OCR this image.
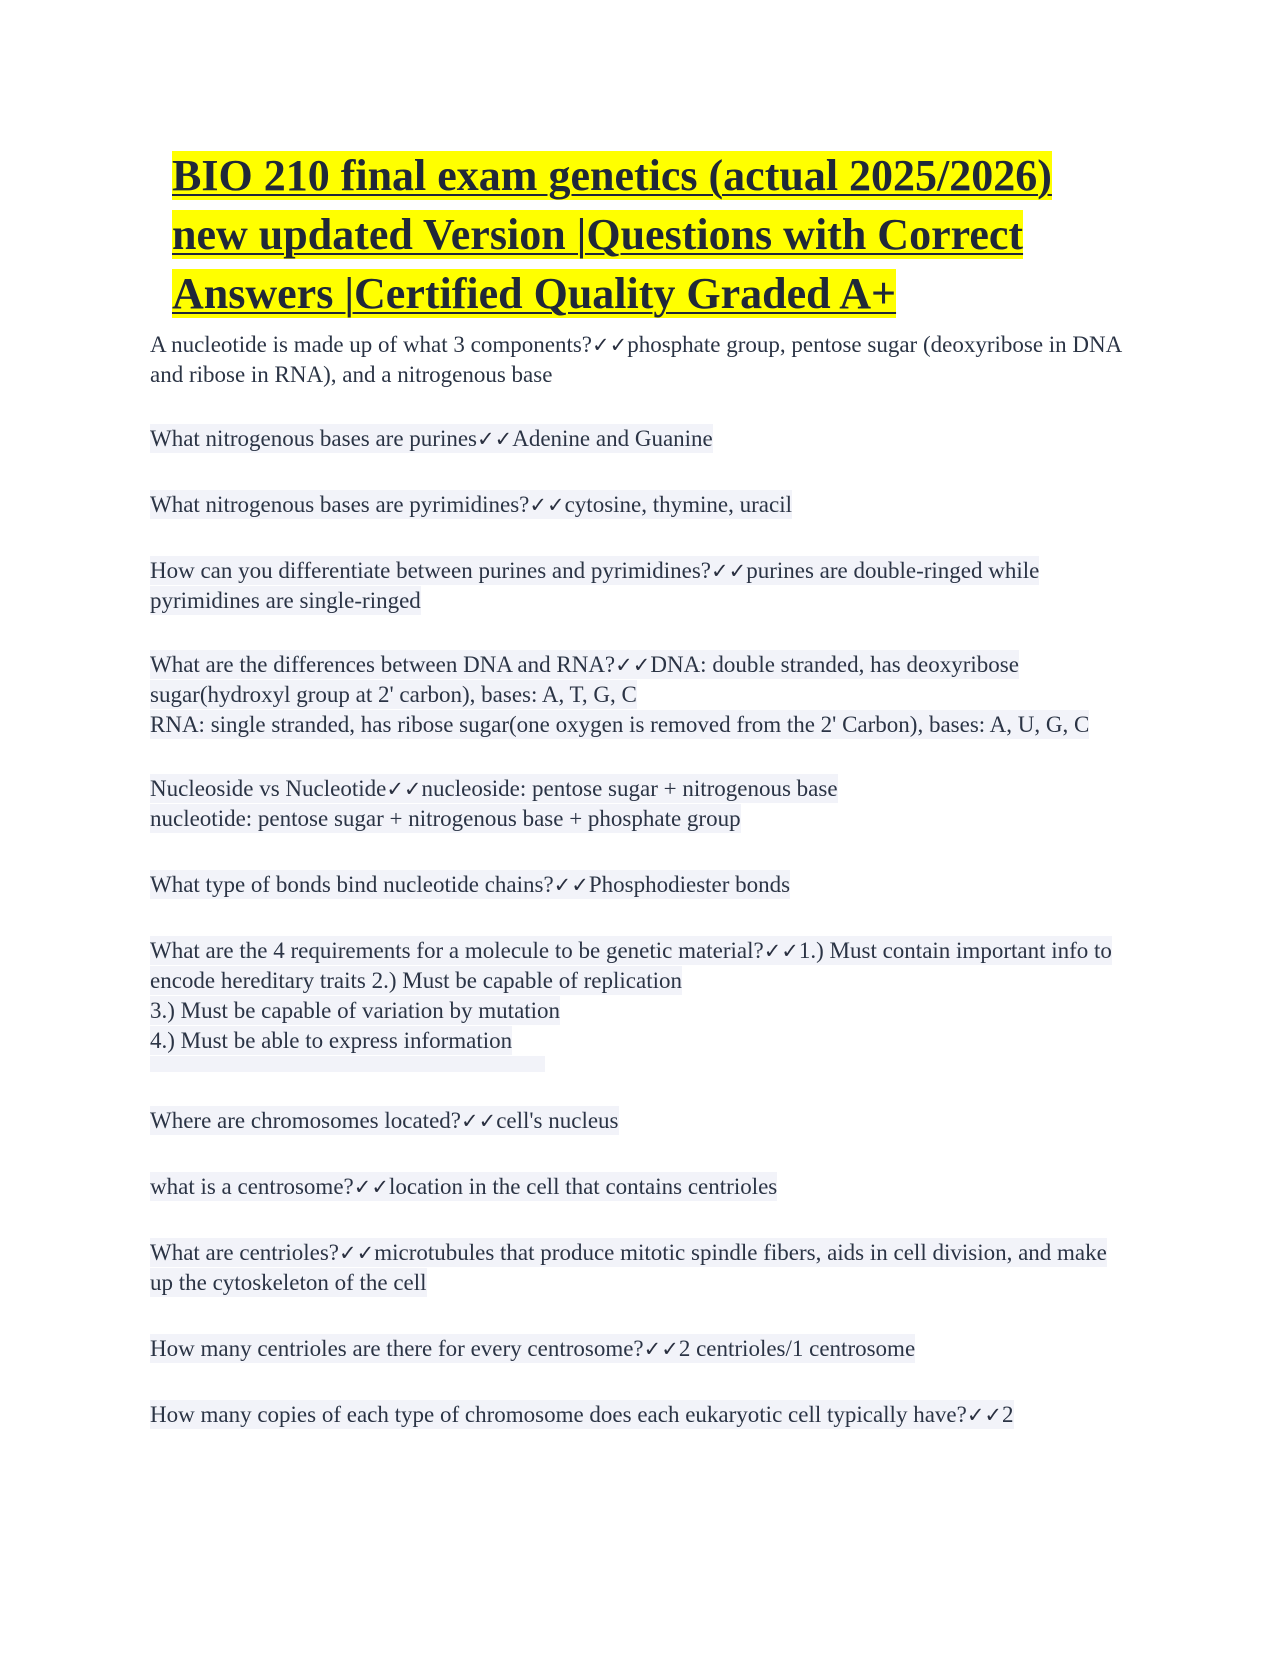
BIO 210 final exam genetics (actual 2025/2026)
new updated Version |Questions with Correct
Answers |Certified Quality Graded A+

A nucleotide is made up of what 3 components?✓✓phosphate group, pentose sugar (deoxyribose in DNA and ribose in RNA), and a nitrogenous base

What nitrogenous bases are purines✓✓Adenine and Guanine

What nitrogenous bases are pyrimidines?✓✓cytosine, thymine, uracil

How can you differentiate between purines and pyrimidines?✓✓purines are double-ringed while pyrimidines are single-ringed

What are the differences between DNA and RNA?✓✓DNA: double stranded, has deoxyribose sugar(hydroxyl group at 2' carbon), bases: A, T, G, C
RNA: single stranded, has ribose sugar(one oxygen is removed from the 2' Carbon), bases: A, U, G, C

Nucleoside vs Nucleotide✓✓nucleoside: pentose sugar + nitrogenous base
nucleotide: pentose sugar + nitrogenous base + phosphate group

What type of bonds bind nucleotide chains?✓✓Phosphodiester bonds

What are the 4 requirements for a molecule to be genetic material?✓✓1.) Must contain important info to encode hereditary traits 2.) Must be capable of replication
3.) Must be capable of variation by mutation
4.) Must be able to express information

Where are chromosomes located?✓✓cell's nucleus

what is a centrosome?✓✓location in the cell that contains centrioles

What are centrioles?✓✓microtubules that produce mitotic spindle fibers, aids in cell division, and make up the cytoskeleton of the cell

How many centrioles are there for every centrosome?✓✓2 centrioles/1 centrosome

How many copies of each type of chromosome does each eukaryotic cell typically have?✓✓2
